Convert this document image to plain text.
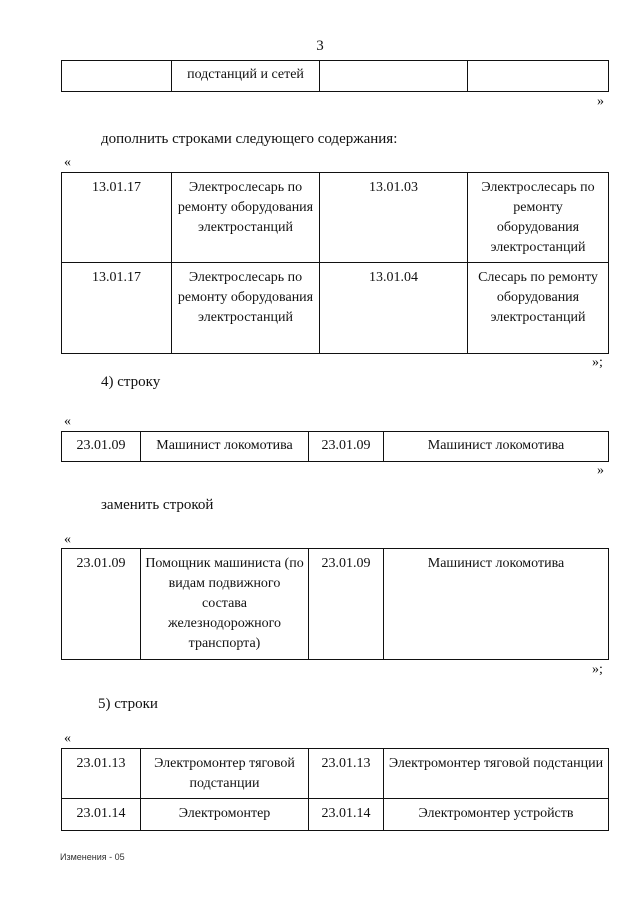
3
	подстанций и сетей		
»
дополнить строками следующего содержания:
«
13.01.17	Электрослесарь по ремонту оборудования электростанций	13.01.03	Электрослесарь по ремонту оборудования электростанций
13.01.17	Электрослесарь по ремонту оборудования электростанций	13.01.04	Слесарь по ремонту оборудования электростанций
»;
4) строку
«
23.01.09	Машинист локомотива	23.01.09	Машинист локомотива
»
заменить строкой
«
23.01.09	Помощник машиниста (по видам подвижного состава железнодорожного транспорта)	23.01.09	Машинист локомотива
»;
5) строки
«
23.01.13	Электромонтер тяговой подстанции	23.01.13	Электромонтер тяговой подстанции
23.01.14	Электромонтер	23.01.14	Электромонтер устройств
Изменения - 05
